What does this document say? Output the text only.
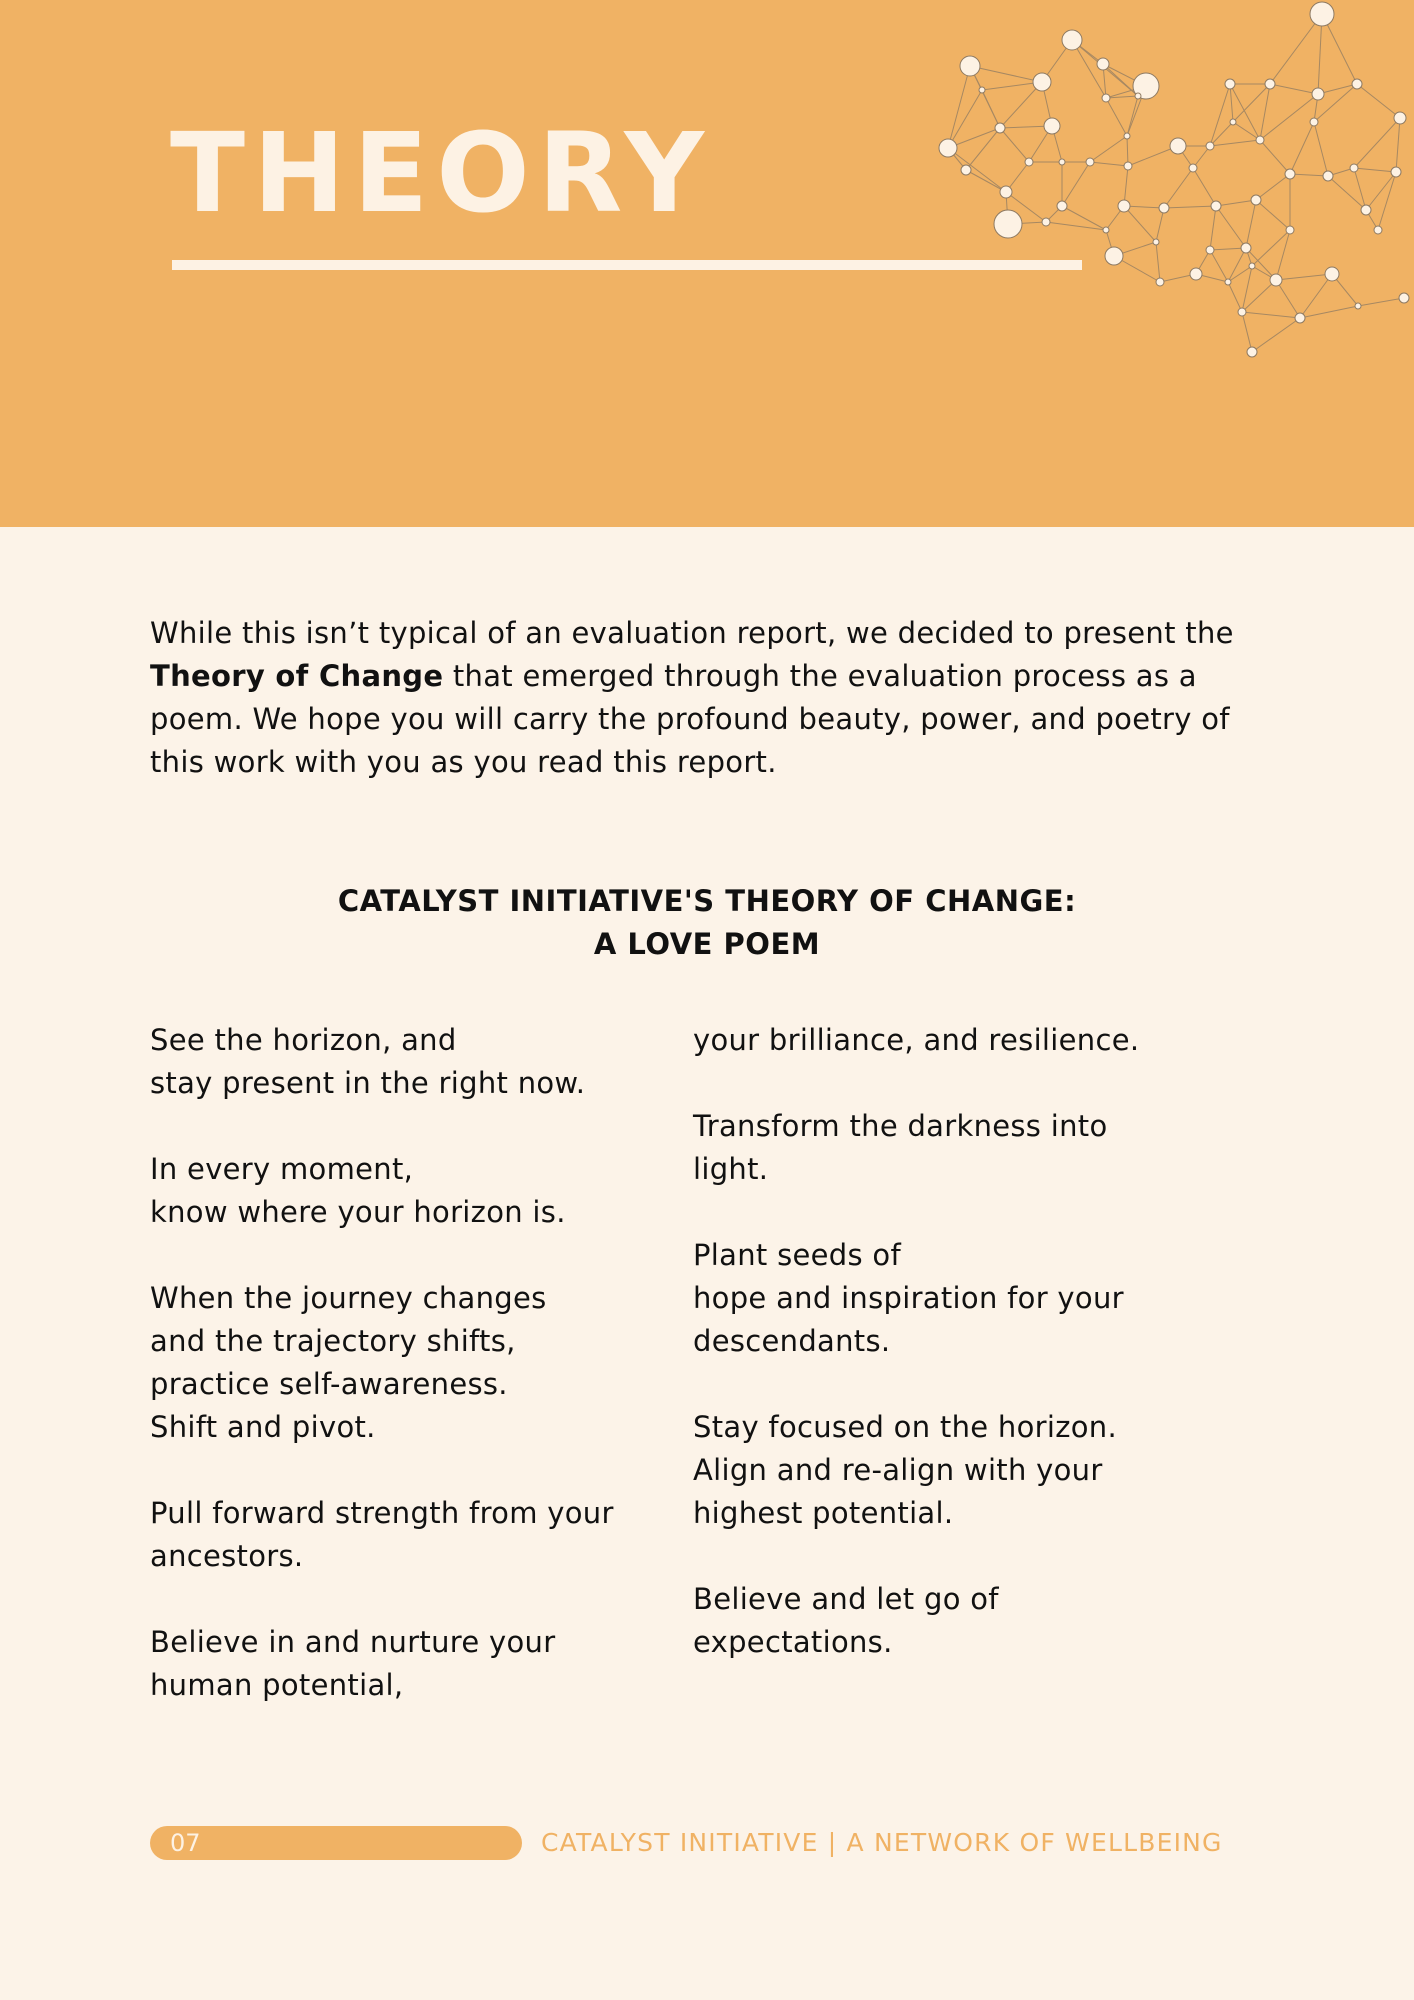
THEORY
While this isn’t typical of an evaluation report, we decided to present the Theory of Change that emerged through the evaluation process as a poem. We hope you will carry the profound beauty, power, and poetry of this work with you as you read this report.
CATALYST INITIATIVE'S THEORY OF CHANGE:
A LOVE POEM
See the horizon, and
stay present in the right now.
In every moment,
know where your horizon is.
When the journey changes
and the trajectory shifts,
practice self-awareness.
Shift and pivot.
Pull forward strength from your
ancestors.
Believe in and nurture your
human potential,
your brilliance, and resilience.
Transform the darkness into
light.
Plant seeds of
hope and inspiration for your
descendants.
Stay focused on the horizon.
Align and re-align with your
highest potential.
Believe and let go of
expectations.
07	CATALYST INITIATIVE | A NETWORK OF WELLBEING
